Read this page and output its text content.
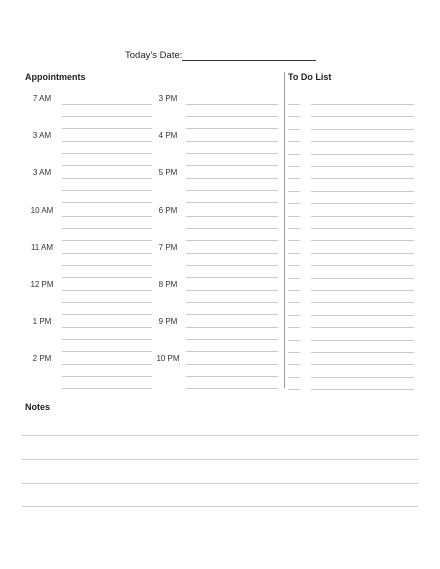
Today’s Date:
Appointments	To Do List
7 AM	3 PM
3 AM	4 PM
3 AM	5 PM
10 AM	6 PM
11 AM	7 PM
12 PM	8 PM
1 PM	9 PM
2 PM	10 PM
Notes
